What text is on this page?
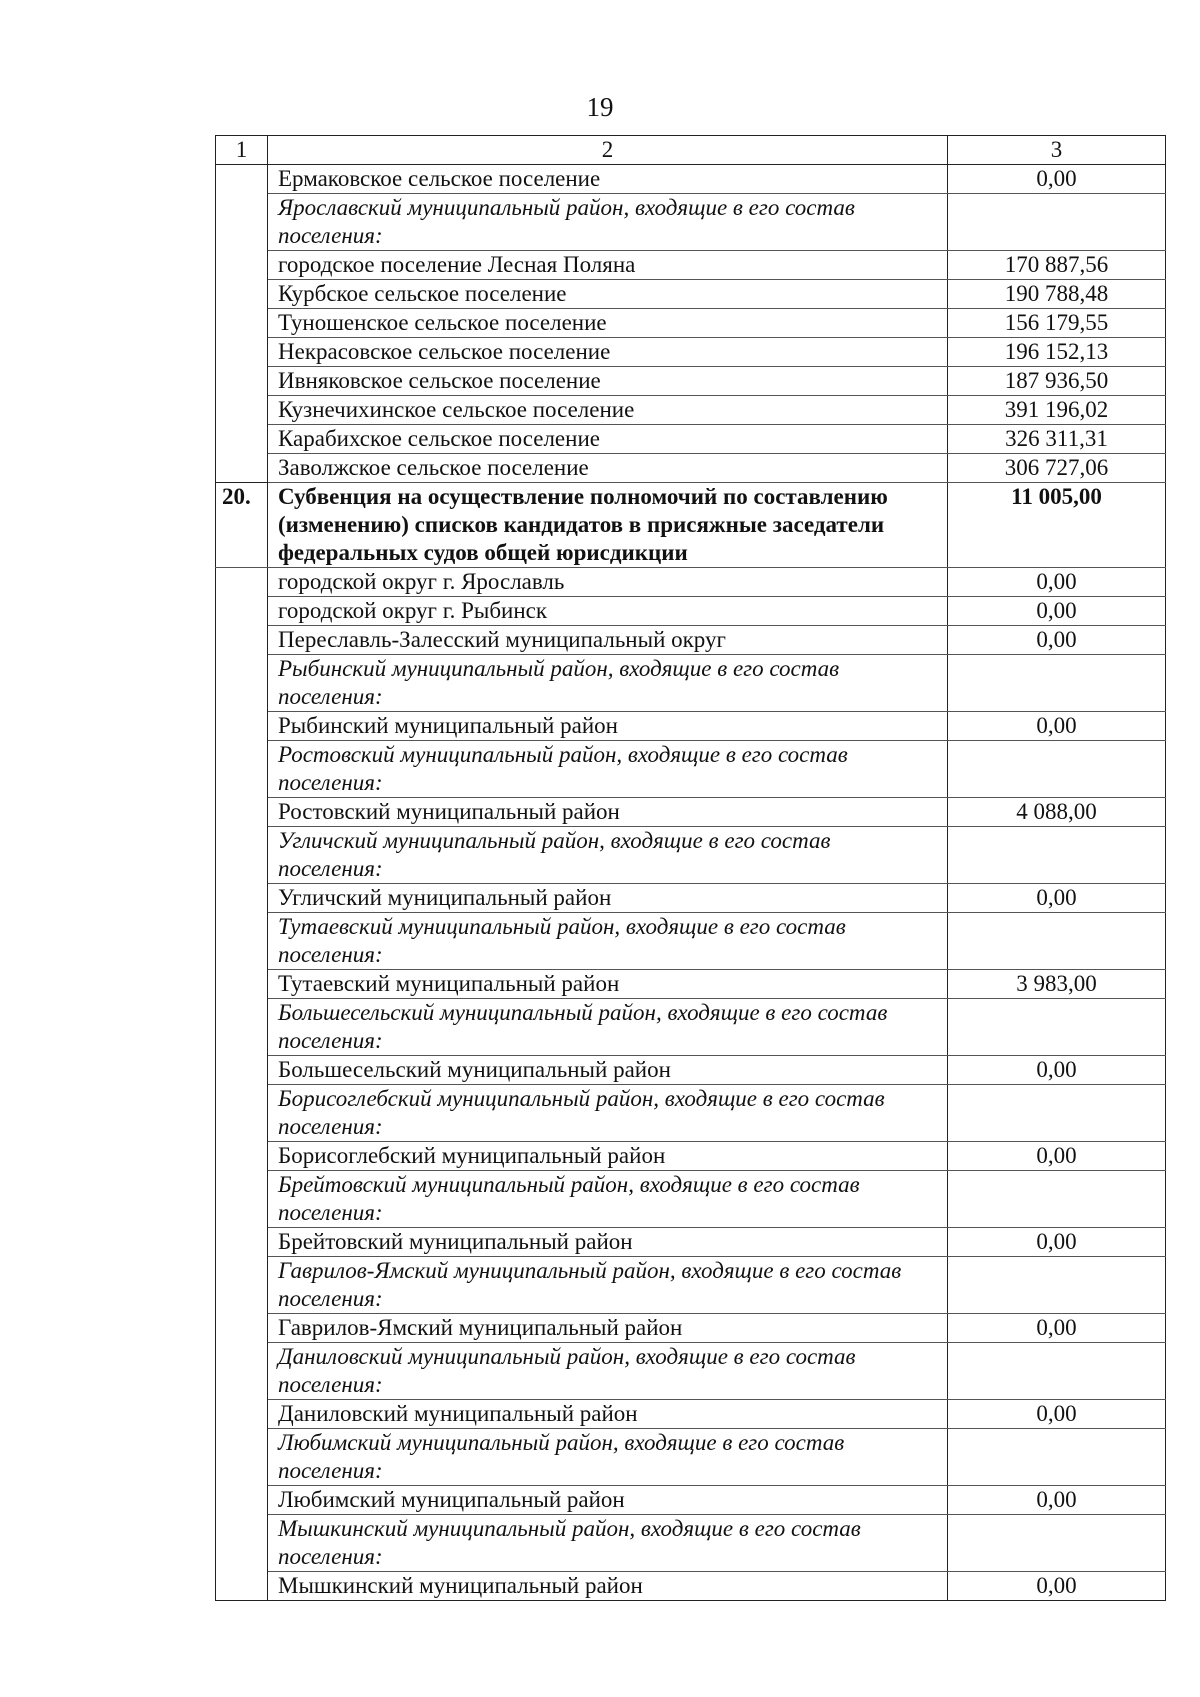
19
1	2	3
	Ермаковское сельское поселение	0,00
	Ярославский муниципальный район, входящие в его состав поселения:	
	городское поселение Лесная Поляна	170 887,56
	Курбское сельское поселение	190 788,48
	Туношенское сельское поселение	156 179,55
	Некрасовское сельское поселение	196 152,13
	Ивняковское сельское поселение	187 936,50
	Кузнечихинское сельское поселение	391 196,02
	Карабихское сельское поселение	326 311,31
	Заволжское сельское поселение	306 727,06
20.	Субвенция на осуществление полномочий по составлению (изменению) списков кандидатов в присяжные заседатели федеральных судов общей юрисдикции	11 005,00
	городской округ г. Ярославль	0,00
	городской округ г. Рыбинск	0,00
	Переславль-Залесский муниципальный округ	0,00
	Рыбинский муниципальный район, входящие в его состав поселения:	
	Рыбинский муниципальный район	0,00
	Ростовский муниципальный район, входящие в его состав поселения:	
	Ростовский муниципальный район	4 088,00
	Угличский муниципальный район, входящие в его состав поселения:	
	Угличский муниципальный район	0,00
	Тутаевский муниципальный район, входящие в его состав поселения:	
	Тутаевский муниципальный район	3 983,00
	Большесельский муниципальный район, входящие в его состав поселения:	
	Большесельский муниципальный район	0,00
	Борисоглебский муниципальный район, входящие в его состав поселения:	
	Борисоглебский муниципальный район	0,00
	Брейтовский муниципальный район, входящие в его состав поселения:	
	Брейтовский муниципальный район	0,00
	Гаврилов-Ямский муниципальный район, входящие в его состав поселения:	
	Гаврилов-Ямский муниципальный район	0,00
	Даниловский муниципальный район, входящие в его состав поселения:	
	Даниловский муниципальный район	0,00
	Любимский муниципальный район, входящие в его состав поселения:	
	Любимский муниципальный район	0,00
	Мышкинский муниципальный район, входящие в его состав поселения:	
	Мышкинский муниципальный район	0,00
